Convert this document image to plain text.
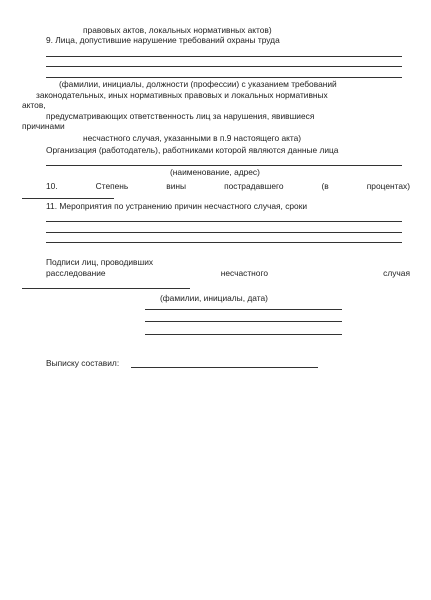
правовых актов, локальных нормативных актов)
9. Лица, допустившие нарушение требований охраны труда
(фамилии, инициалы, должности (профессии) с указанием требований
законодательных, иных нормативных правовых и локальных нормативных
актов,
предусматривающих ответственность лиц за нарушения, явившиеся
причинами
несчастного случая, указанными в п.9 настоящего акта)
Организация (работодатель), работниками которой являются данные лица
(наименование, адрес)
10.	Степень	вины	пострадавшего	(в	процентах)
11. Мероприятия по устранению причин несчастного случая, сроки
Подписи лиц, проводивших
расследование	несчастного	случая
(фамилии, инициалы, дата)
Выписку составил:
